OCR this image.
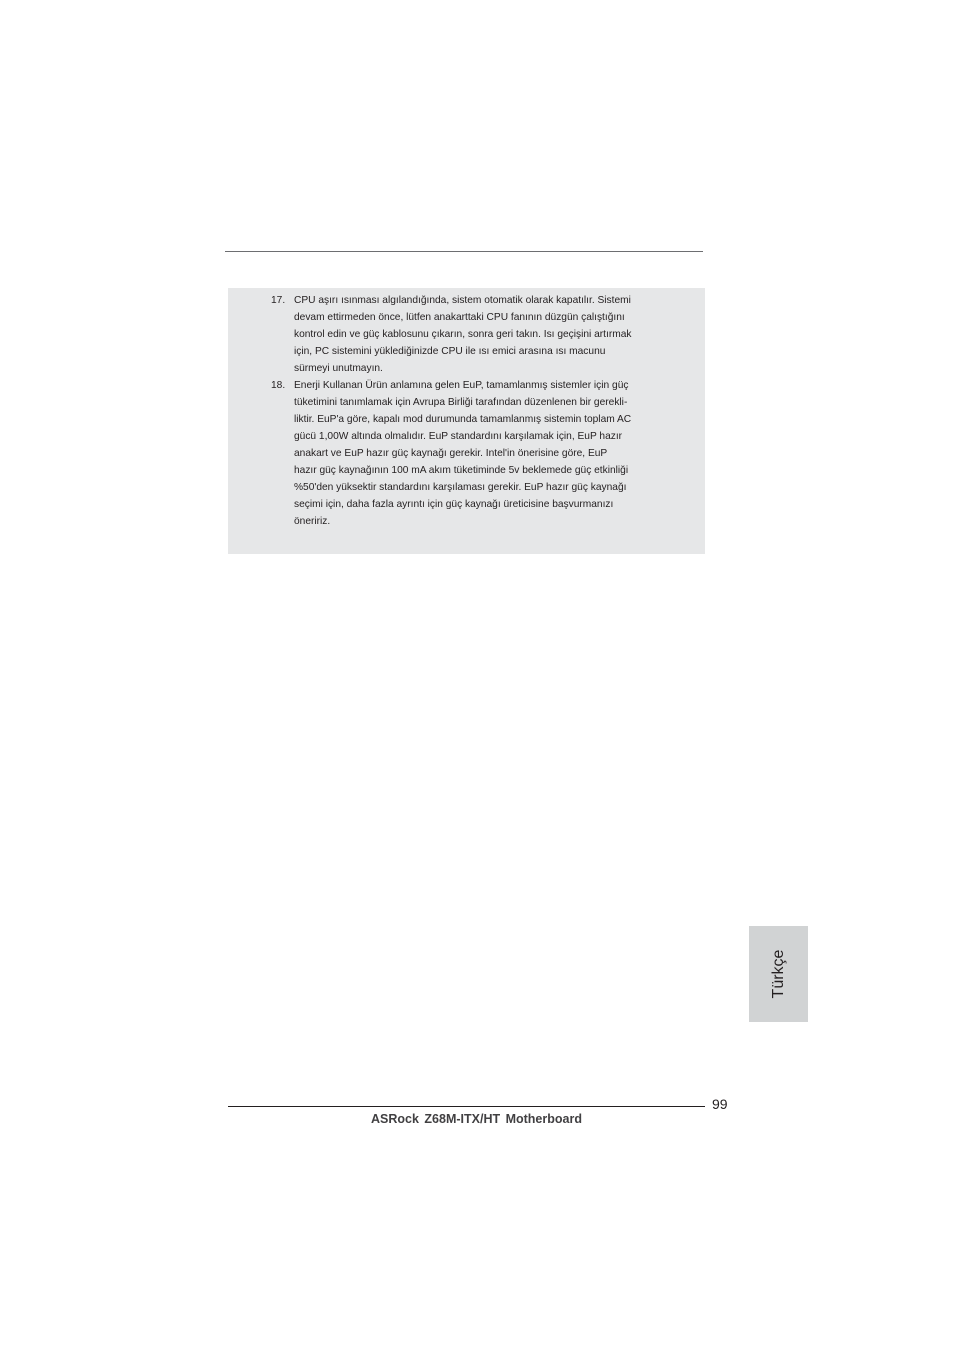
17. CPU aşırı ısınması algılandığında, sistem otomatik olarak kapatılır. Sistemi
devam ettirmeden önce, lütfen anakarttaki CPU fanının düzgün çalıştığını
kontrol edin ve güç kablosunu çıkarın, sonra geri takın. Isı geçişini artırmak
için, PC sistemini yüklediğinizde CPU ile ısı emici arasına ısı macunu
sürmeyi unutmayın.
18. Enerji Kullanan Ürün anlamına gelen EuP, tamamlanmış sistemler için güç
tüketimini tanımlamak için Avrupa Birliği tarafından düzenlenen bir gerekli-
liktir. EuP'a göre, kapalı mod durumunda tamamlanmış sistemin toplam AC
gücü 1,00W altında olmalıdır. EuP standardını karşılamak için, EuP hazır
anakart ve EuP hazır güç kaynağı gerekir. Intel'in önerisine göre, EuP
hazır güç kaynağının 100 mA akım tüketiminde 5v beklemede güç etkinliği
%50'den yüksektir standardını karşılaması gerekir. EuP hazır güç kaynağı
seçimi için, daha fazla ayrıntı için güç kaynağı üreticisine başvurmanızı
öneririz.
Türkçe
99
ASRock Z68M-ITX/HT Motherboard
